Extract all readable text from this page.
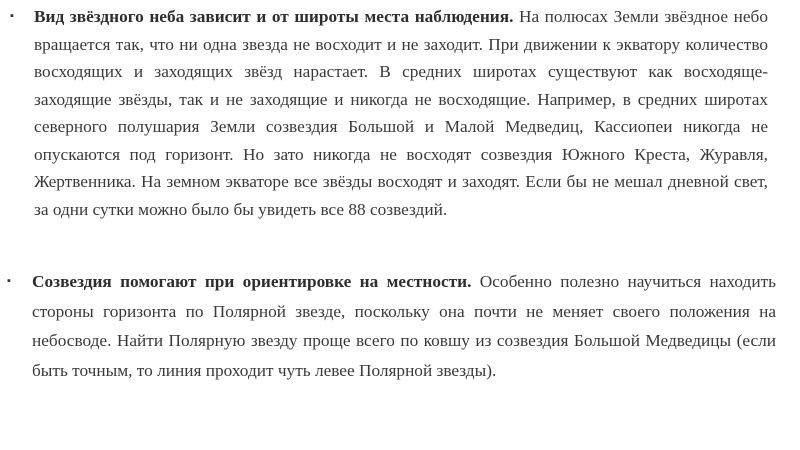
▪ Вид звёздного неба зависит и от широты места наблюдения. На полюсах Земли звёздное небо вращается так, что ни одна звезда не восходит и не заходит. При движении к экватору количество восходящих и заходящих звёзд нарастает. В средних широтах существуют как восходяще-заходящие звёзды, так и не заходящие и никогда не восходящие. Например, в средних широтах северного полушария Земли созвездия Большой и Малой Медведиц, Кассиопеи никогда не опускаются под горизонт. Но зато никогда не восходят созвездия Южного Креста, Журавля, Жертвенника. На земном экваторе все звёзды восходят и заходят. Если бы не мешал дневной свет, за одни сутки можно было бы увидеть все 88 созвездий.
▪ Созвездия помогают при ориентировке на местности. Особенно полезно научиться находить стороны горизонта по Полярной звезде, поскольку она почти не меняет своего положения на небосводе. Найти Полярную звезду проще всего по ковшу из созвездия Большой Медведицы (если быть точным, то линия проходит чуть левее Полярной звезды).
